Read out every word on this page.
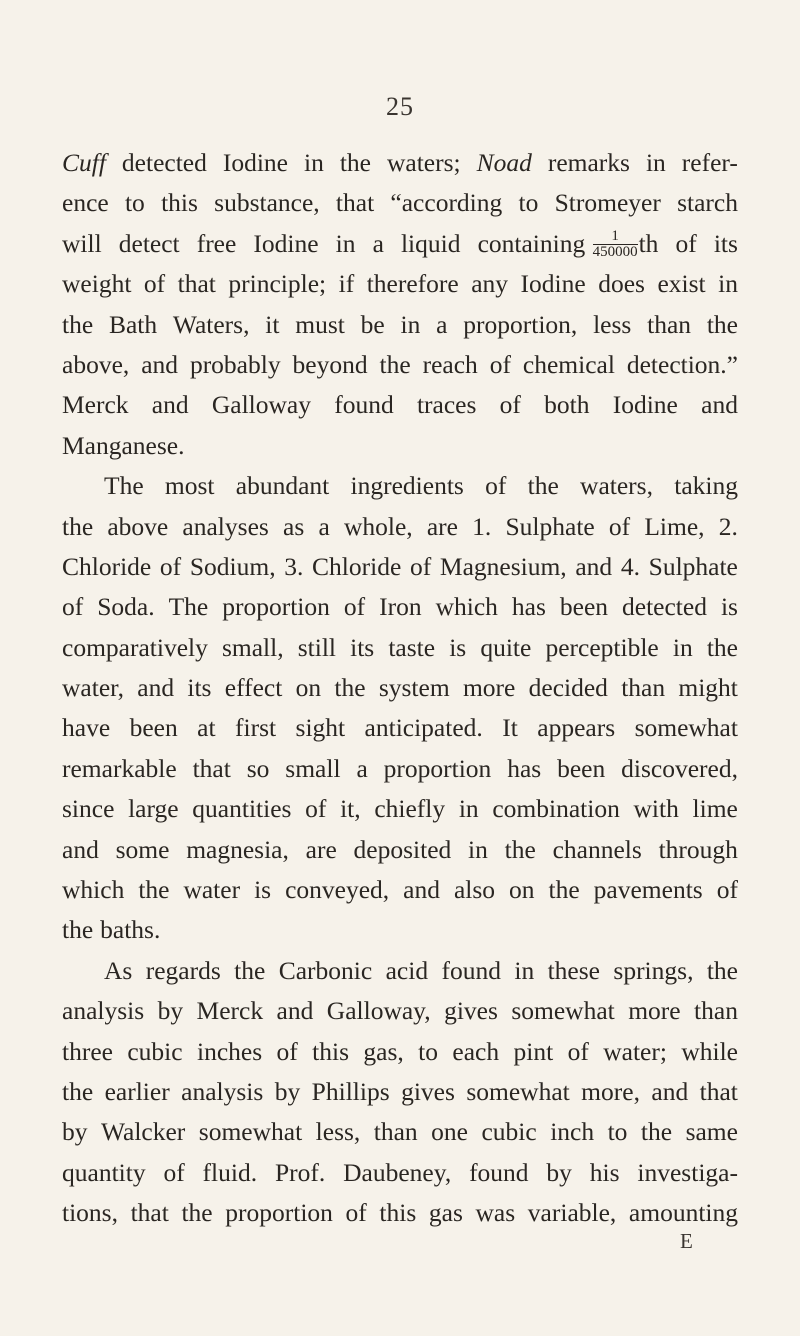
25
Cuff detected Iodine in the waters; Noad remarks in refer-
ence to this substance, that “according to Stromeyer starch
will detect free Iodine in a liquid containing $\frac{1}{450000}$ th of its
weight of that principle; if therefore any Iodine does exist in
the Bath Waters, it must be in a proportion, less than the
above, and probably beyond the reach of chemical detection.”
Merck and Galloway found traces of both Iodine and
Manganese.
The most abundant ingredients of the waters, taking
the above analyses as a whole, are 1. Sulphate of Lime, 2.
Chloride of Sodium, 3. Chloride of Magnesium, and 4. Sulphate
of Soda. The proportion of Iron which has been detected is
comparatively small, still its taste is quite perceptible in the
water, and its effect on the system more decided than might
have been at first sight anticipated. It appears somewhat
remarkable that so small a proportion has been discovered,
since large quantities of it, chiefly in combination with lime
and some magnesia, are deposited in the channels through
which the water is conveyed, and also on the pavements of
the baths.
As regards the Carbonic acid found in these springs, the
analysis by Merck and Galloway, gives somewhat more than
three cubic inches of this gas, to each pint of water; while
the earlier analysis by Phillips gives somewhat more, and that
by Walcker somewhat less, than one cubic inch to the same
quantity of fluid. Prof. Daubeney, found by his investiga-
tions, that the proportion of this gas was variable, amounting
E
